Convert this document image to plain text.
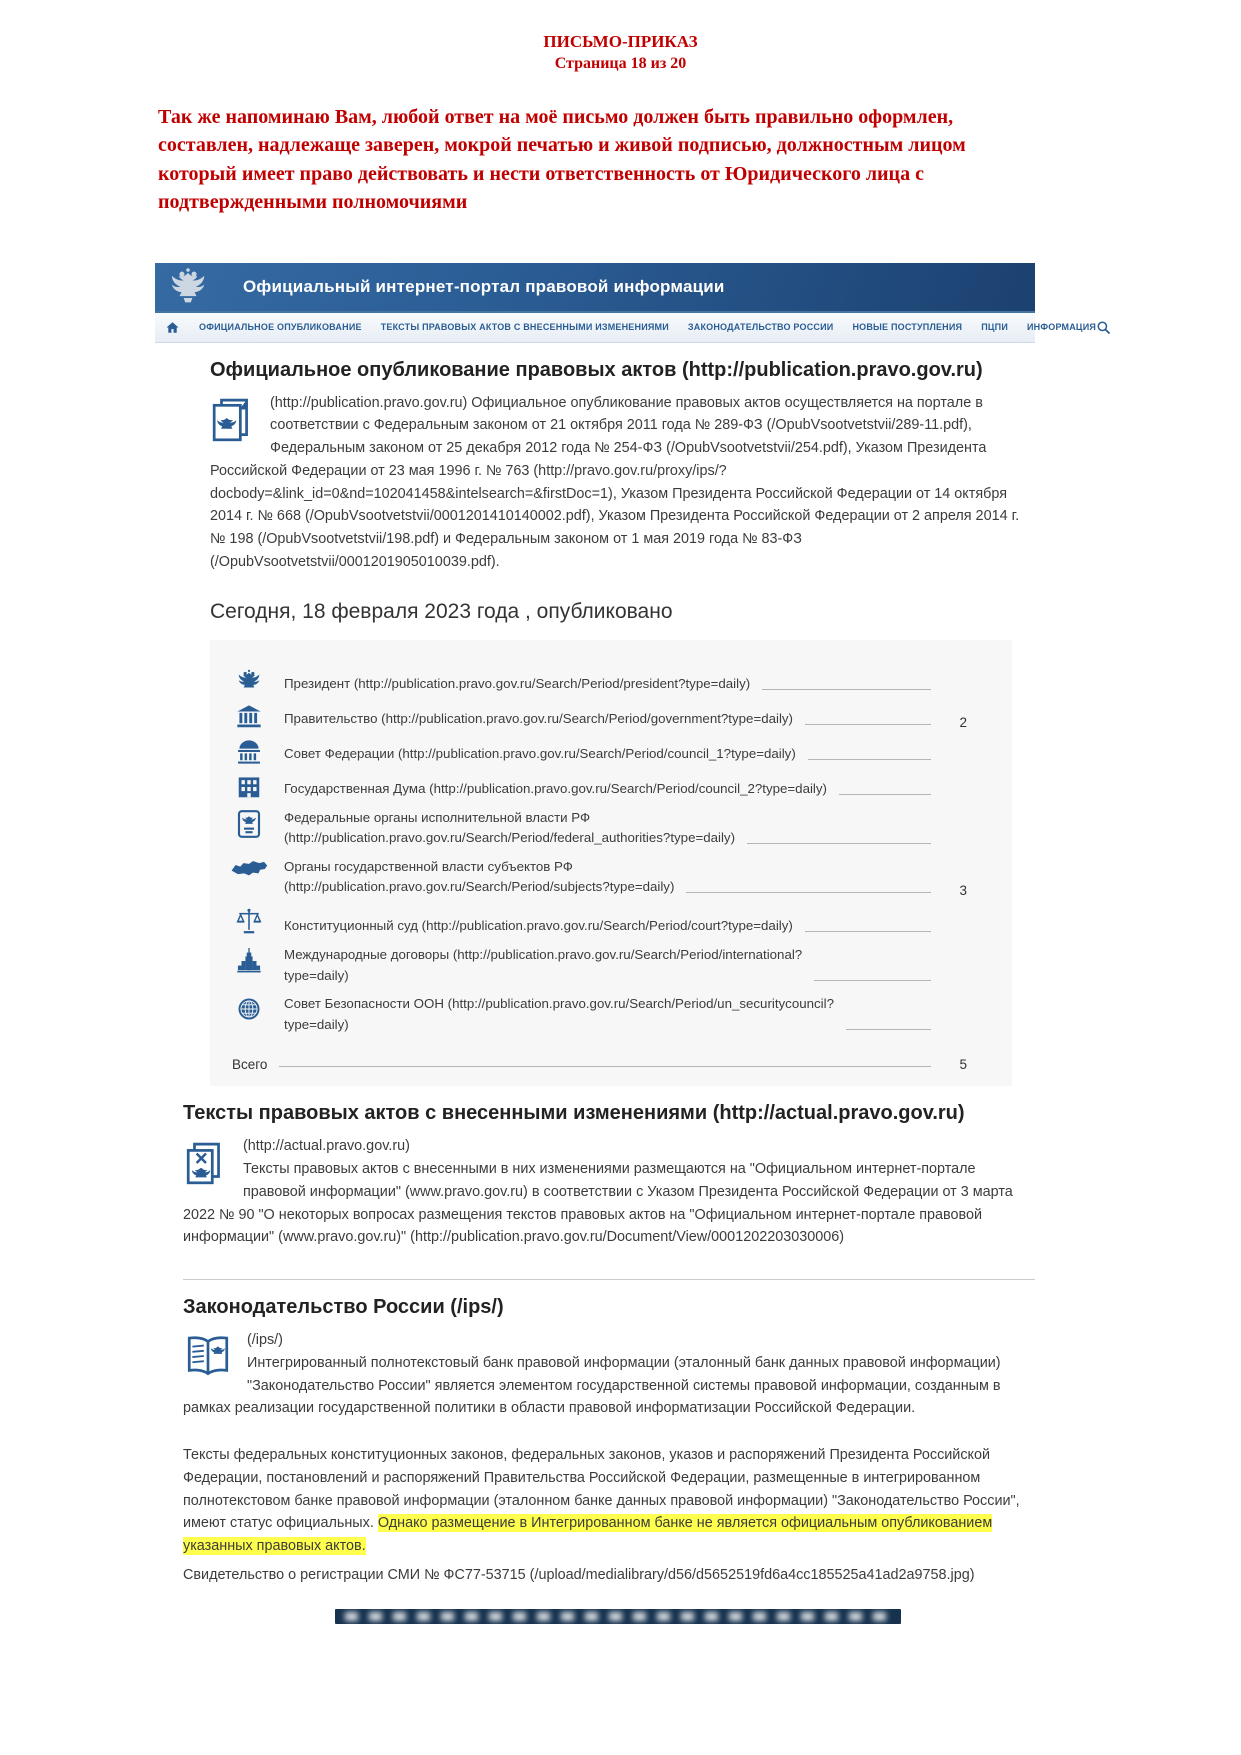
ПИСЬМО-ПРИКАЗ
Страница 18 из 20
Так же напоминаю Вам, любой ответ на моё письмо должен быть правильно оформлен, составлен, надлежаще заверен, мокрой печатью и живой подписью, должностным лицом который имеет право действовать и нести ответственность от Юридического лица с подтвержденными полномочиями
Официальный интернет-портал правовой информации
ОФИЦИАЛЬНОЕ ОПУБЛИКОВАНИЕ ТЕКСТЫ ПРАВОВЫХ АКТОВ С ВНЕСЕННЫМИ ИЗМЕНЕНИЯМИ ЗАКОНОДАТЕЛЬСТВО РОССИИ НОВЫЕ ПОСТУПЛЕНИЯ ПЦПИ ИНФОРМАЦИЯ
Официальное опубликование правовых актов (http://publication.pravo.gov.ru)

(http://publication.pravo.gov.ru) Официальное опубликование правовых актов осуществляется на портале в соответствии с Федеральным законом от 21 октября 2011 года № 289-ФЗ (/OpubVsootvetstvii/289-11.pdf), Федеральным законом от 25 декабря 2012 года № 254-ФЗ (/OpubVsootvetstvii/254.pdf), Указом Президента Российской Федерации от 23 мая 1996 г. № 763 (http://pravo.gov.ru/proxy/ips/?docbody=&link_id=0&nd=102041458&intelsearch=&firstDoc=1), Указом Президента Российской Федерации от 14 октября 2014 г. № 668 (/OpubVsootvetstvii/0001201410140002.pdf), Указом Президента Российской Федерации от 2 апреля 2014 г. № 198 (/OpubVsootvetstvii/198.pdf) и Федеральным законом от 1 мая 2019 года № 83-ФЗ (/OpubVsootvetstvii/0001201905010039.pdf).

Сегодня, 18 февраля 2023 года , опубликовано
Президент (http://publication.pravo.gov.ru/Search/Period/president?type=daily)
Правительство (http://publication.pravo.gov.ru/Search/Period/government?type=daily)	2
Совет Федерации (http://publication.pravo.gov.ru/Search/Period/council_1?type=daily)
Государственная Дума (http://publication.pravo.gov.ru/Search/Period/council_2?type=daily)
Федеральные органы исполнительной власти РФ
(http://publication.pravo.gov.ru/Search/Period/federal_authorities?type=daily)
Органы государственной власти субъектов РФ
(http://publication.pravo.gov.ru/Search/Period/subjects?type=daily)	3
Конституционный суд (http://publication.pravo.gov.ru/Search/Period/court?type=daily)
Международные договоры (http://publication.pravo.gov.ru/Search/Period/international?
type=daily)
Совет Безопасности ООН (http://publication.pravo.gov.ru/Search/Period/un_securitycouncil?
type=daily)
Всего	5
Тексты правовых актов с внесенными изменениями (http://actual.pravo.gov.ru)

(http://actual.pravo.gov.ru)
Тексты правовых актов с внесенными в них изменениями размещаются на "Официальном интернет-портале правовой информации" (www.pravo.gov.ru) в соответствии с Указом Президента Российской Федерации от 3 марта 2022 № 90 "О некоторых вопросах размещения текстов правовых актов на "Официальном интернет-портале правовой информации" (www.pravo.gov.ru)" (http://publication.pravo.gov.ru/Document/View/0001202203030006)

Законодательство России (/ips/)

(/ips/)
Интегрированный полнотекстовый банк правовой информации (эталонный банк данных правовой информации) "Законодательство России" является элементом государственной системы правовой информации, созданным в рамках реализации государственной политики в области правовой информатизации Российской Федерации.

Тексты федеральных конституционных законов, федеральных законов, указов и распоряжений Президента Российской Федерации, постановлений и распоряжений Правительства Российской Федерации, размещенные в интегрированном полнотекстовом банке правовой информации (эталонном банке данных правовой информации) "Законодательство России", имеют статус официальных. Однако размещение в Интегрированном банке не является официальным опубликованием указанных правовых актов.

Свидетельство о регистрации СМИ № ФС77-53715 (/upload/medialibrary/d56/d5652519fd6a4cc185525a41ad2a9758.jpg)
